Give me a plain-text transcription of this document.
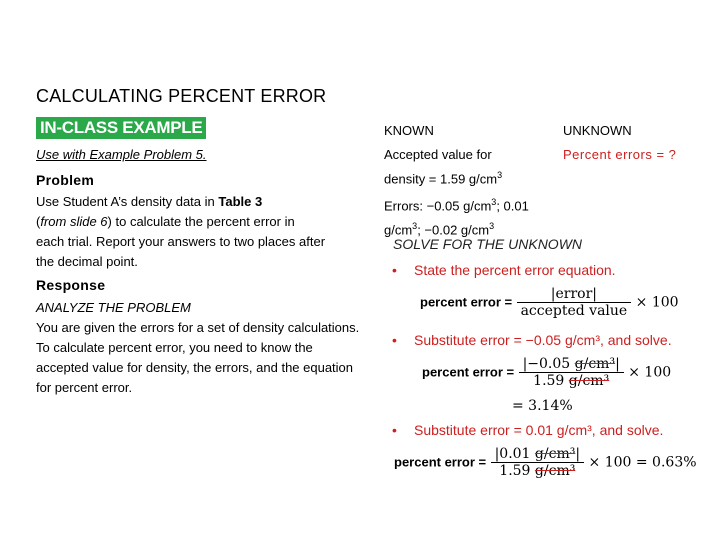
CALCULATING PERCENT ERROR
IN-CLASS EXAMPLE
Use with Example Problem 5.
Problem
Use Student A’s density data in Table 3
(from slide 6) to calculate the percent error in each trial. Report your answers to two places after the decimal point.
Response
ANALYZE THE PROBLEM
You are given the errors for a set of density calculations. To calculate percent error, you need to know the accepted value for density, the errors, and the equation for percent error.
KNOWN	UNKNOWN
Accepted value for
density = 1.59 $g/cm^3$
Percent errors = ?
Errors: −0.05 $g/cm^3$; 0.01
$g/cm^3$; −0.02 $g/cm^3$
SOLVE FOR THE UNKNOWN
• State the percent error equation.
percent error = $\frac{\text{|error|}}{\text{accepted value}} \times 100$
• Substitute error = −0.05 g/cm³, and solve.
percent error = $\frac{\text{|−0.05 g/cm³|}}{\text{1.59 g/cm³}} \times 100$
= 3.14%
• Substitute error = 0.01 g/cm³, and solve.
percent error = $\frac{\text{|0.01 g/cm³|}}{\text{1.59 g/cm³}} \times 100 = 0.63\%$
